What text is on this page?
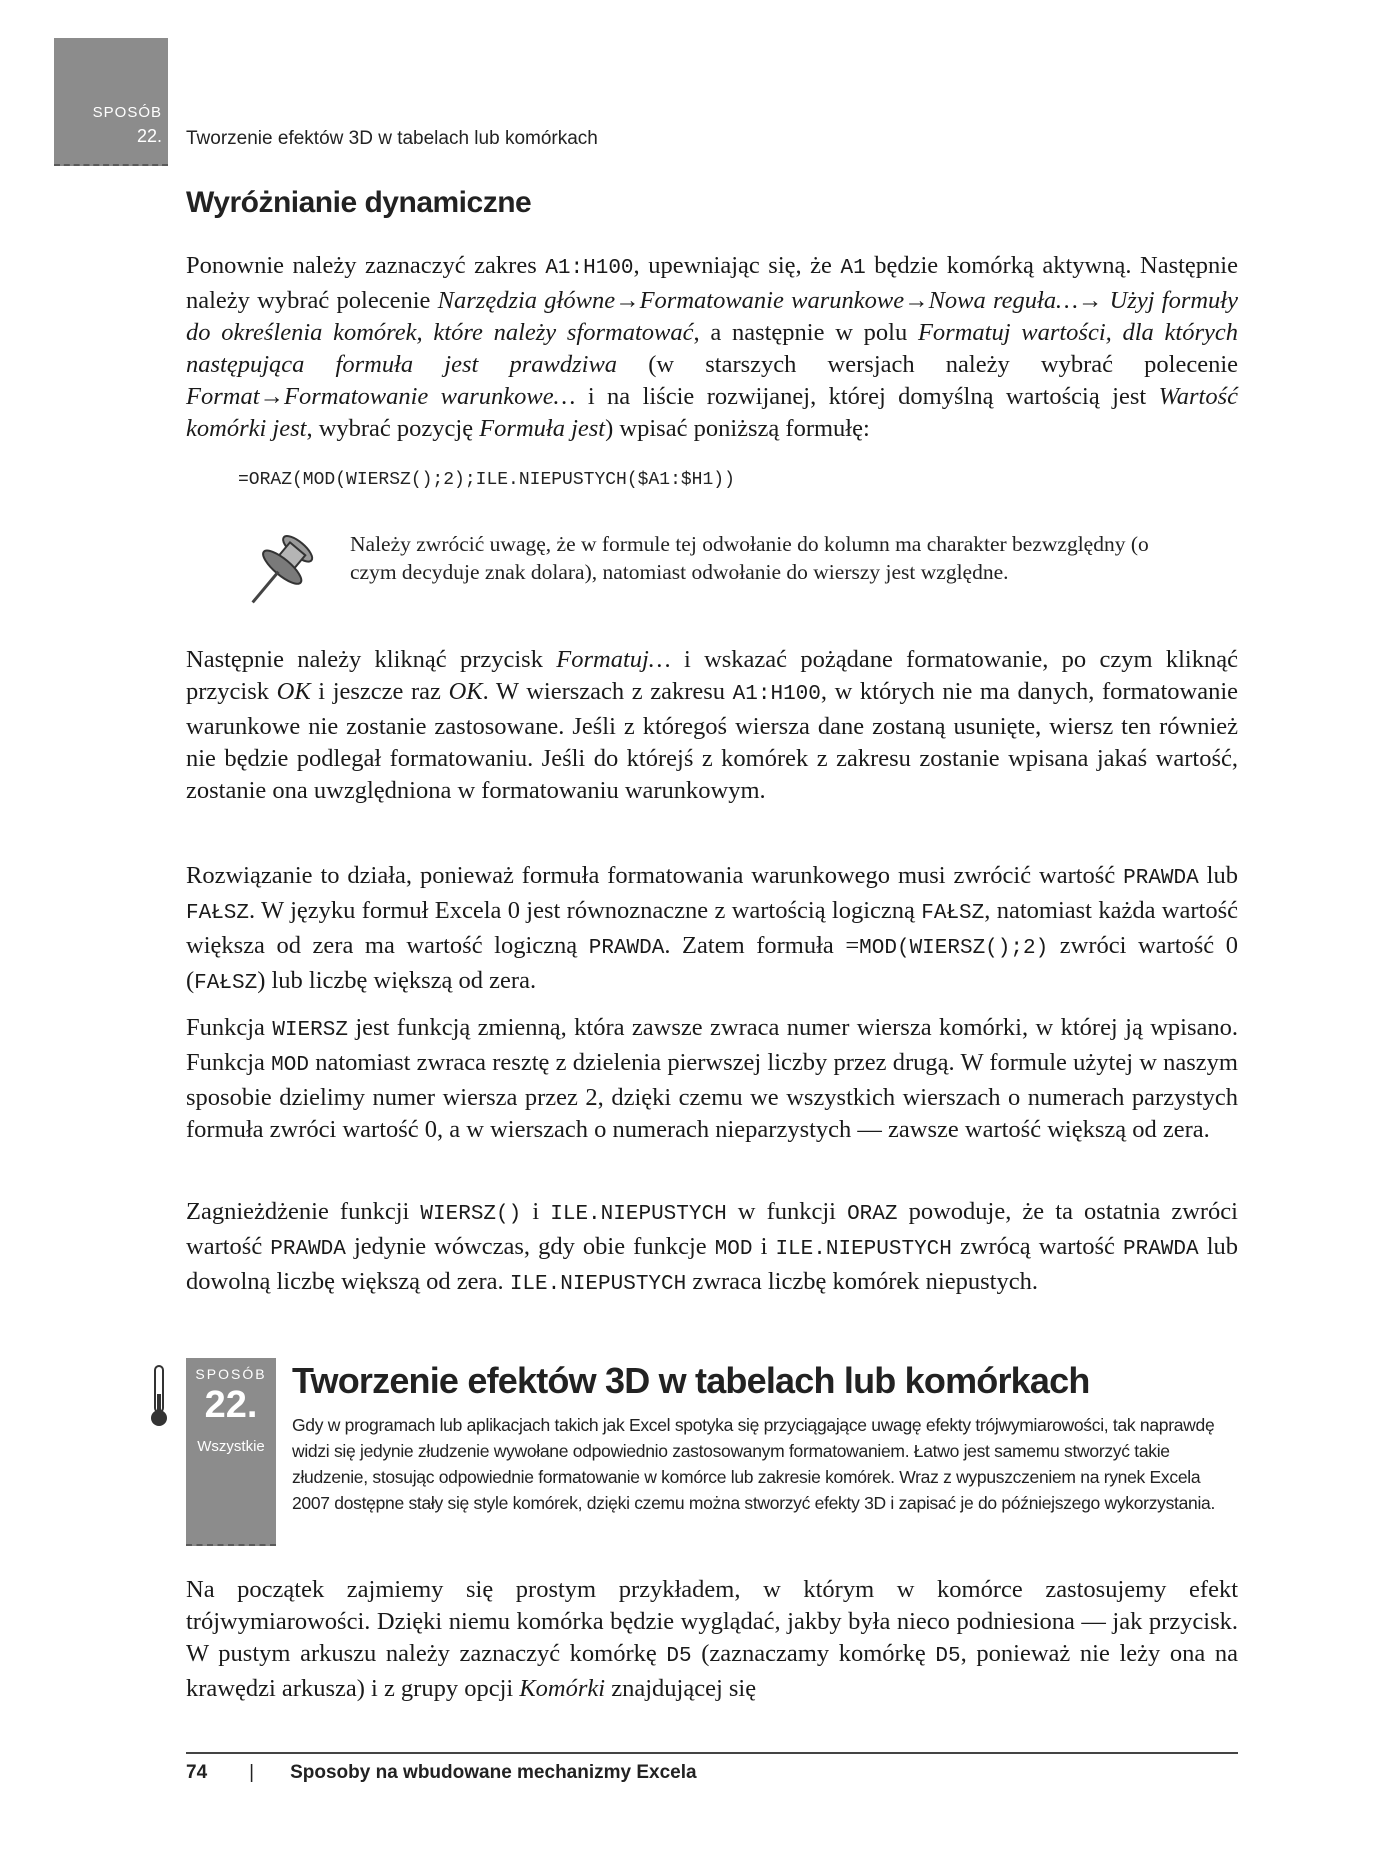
SPOSÓB
22. Tworzenie efektów 3D w tabelach lub komórkach
Wyróżnianie dynamiczne

Ponownie należy zaznaczyć zakres A1:H100, upewniając się, że A1 będzie komórką aktywną. Następnie należy wybrać polecenie Narzędzia główne→Formatowanie warunkowe→Nowa reguła…→ Użyj formuły do określenia komórek, które należy sformatować, a następnie w polu Formatuj wartości, dla których następująca formuła jest prawdziwa (w starszych wersjach należy wybrać polecenie Format→Formatowanie warunkowe… i na liście rozwijanej, której domyślną wartością jest Wartość komórki jest, wybrać pozycję Formuła jest) wpisać poniższą formułę:

=ORAZ(MOD(WIERSZ();2);ILE.NIEPUSTYCH($A1:$H1))

Należy zwrócić uwagę, że w formule tej odwołanie do kolumn ma charakter bezwzględny (o czym decyduje znak dolara), natomiast odwołanie do wierszy jest względne.

Następnie należy kliknąć przycisk Formatuj… i wskazać pożądane formatowanie, po czym kliknąć przycisk OK i jeszcze raz OK. W wierszach z zakresu A1:H100, w których nie ma danych, formatowanie warunkowe nie zostanie zastosowane. Jeśli z któregoś wiersza dane zostaną usunięte, wiersz ten również nie będzie podlegał formatowaniu. Jeśli do którejś z komórek z zakresu zostanie wpisana jakaś wartość, zostanie ona uwzględniona w formatowaniu warunkowym.

Rozwiązanie to działa, ponieważ formuła formatowania warunkowego musi zwrócić wartość PRAWDA lub FAŁSZ. W języku formuł Excela 0 jest równoznaczne z wartością logiczną FAŁSZ, natomiast każda wartość większa od zera ma wartość logiczną PRAWDA. Zatem formuła =MOD(WIERSZ();2) zwróci wartość 0 (FAŁSZ) lub liczbę większą od zera.

Funkcja WIERSZ jest funkcją zmienną, która zawsze zwraca numer wiersza komórki, w której ją wpisano. Funkcja MOD natomiast zwraca resztę z dzielenia pierwszej liczby przez drugą. W formule użytej w naszym sposobie dzielimy numer wiersza przez 2, dzięki czemu we wszystkich wierszach o numerach parzystych formuła zwróci wartość 0, a w wierszach o numerach nieparzystych — zawsze wartość większą od zera.

Zagnieżdżenie funkcji WIERSZ() i ILE.NIEPUSTYCH w funkcji ORAZ powoduje, że ta ostatnia zwróci wartość PRAWDA jedynie wówczas, gdy obie funkcje MOD i ILE.NIEPUSTYCH zwrócą wartość PRAWDA lub dowolną liczbę większą od zera. ILE.NIEPUSTYCH zwraca liczbę komórek niepustych.

SPOSÓB
22.
Wszystkie
Tworzenie efektów 3D w tabelach lub komórkach

Gdy w programach lub aplikacjach takich jak Excel spotyka się przyciągające uwagę efekty trójwymiarowości, tak naprawdę widzi się jedynie złudzenie wywołane odpowiednio zastosowanym formatowaniem. Łatwo jest samemu stworzyć takie złudzenie, stosując odpowiednie formatowanie w komórce lub zakresie komórek. Wraz z wypuszczeniem na rynek Excela 2007 dostępne stały się style komórek, dzięki czemu można stworzyć efekty 3D i zapisać je do późniejszego wykorzystania.

Na początek zajmiemy się prostym przykładem, w którym w komórce zastosujemy efekt trójwymiarowości. Dzięki niemu komórka będzie wyglądać, jakby była nieco podniesiona — jak przycisk. W pustym arkuszu należy zaznaczyć komórkę D5 (zaznaczamy komórkę D5, ponieważ nie leży ona na krawędzi arkusza) i z grupy opcji Komórki znajdującej się

74 | Sposoby na wbudowane mechanizmy Excela
